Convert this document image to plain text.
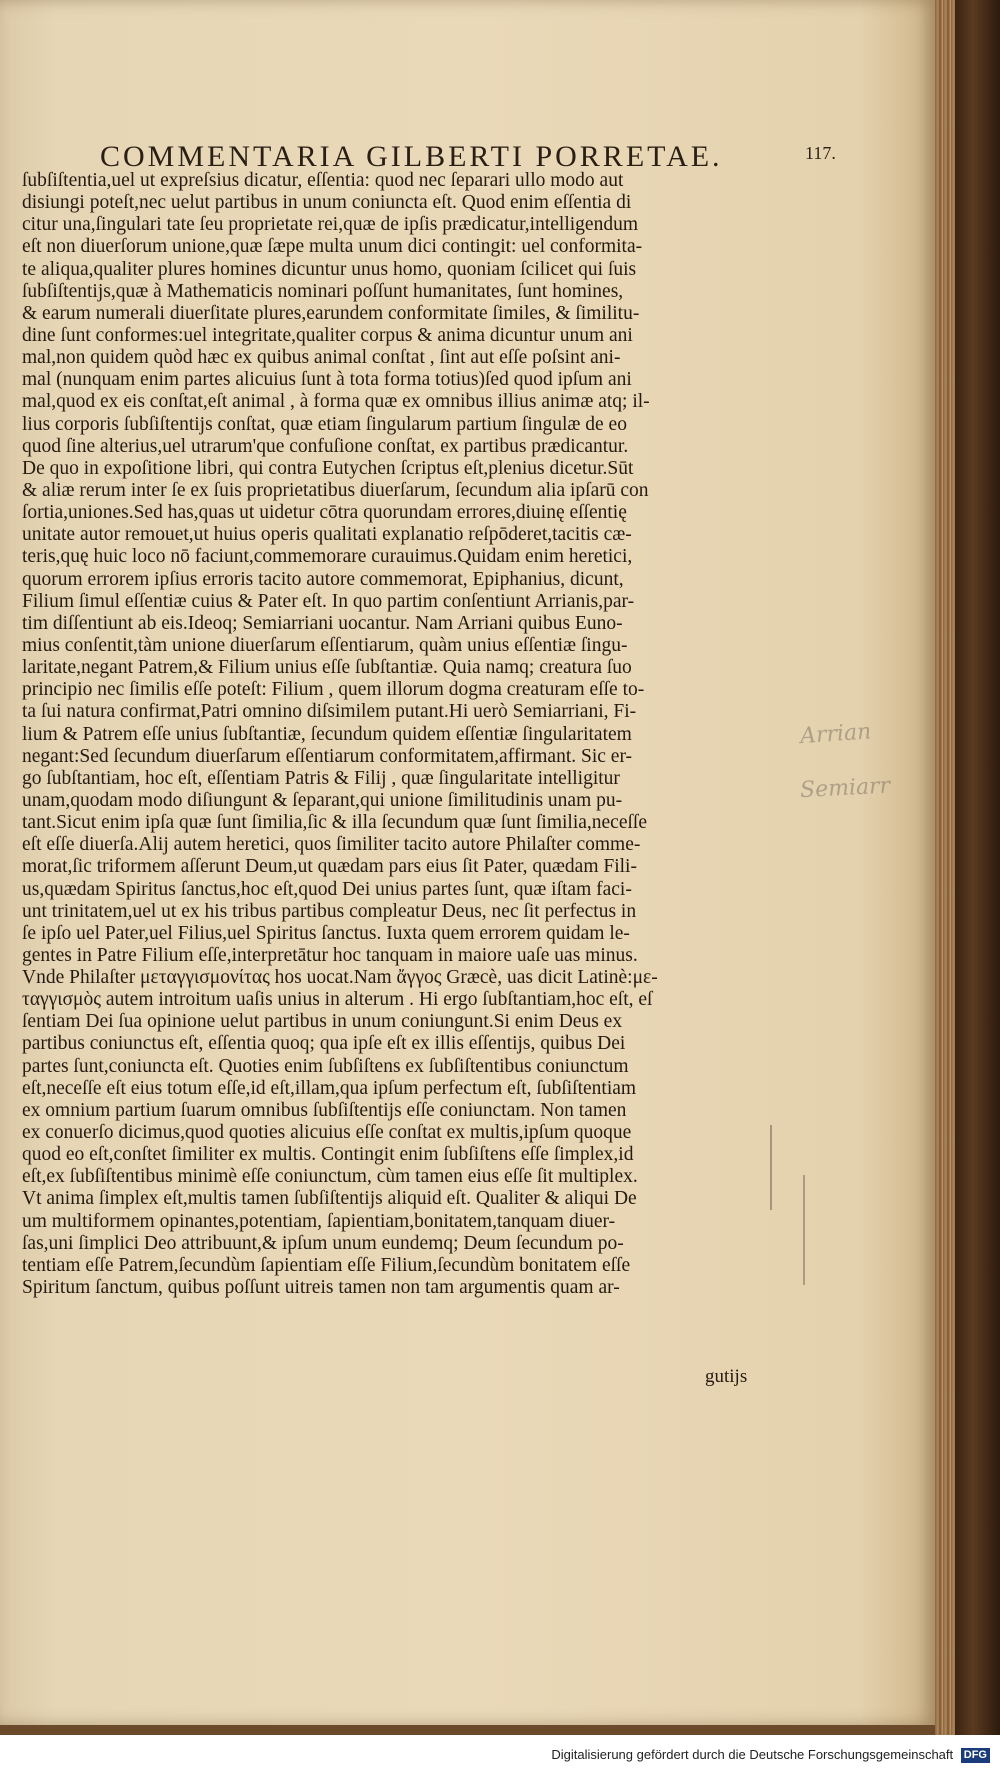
COMMENTARIA GILBERTI PORRETAE.	117.
ſubſiſtentia,uel ut expreſsius dicatur, eſſentia: quod nec ſeparari ullo modo aut
disiungi poteſt,nec uelut partibus in unum coniuncta eſt. Quod enim eſſentia di
citur una,ſingulari tate ſeu proprietate rei,quæ de ipſis prædicatur,intelligendum
eſt non diuerſorum unione,quæ ſæpe multa unum dici contingit: uel conformita-
te aliqua,qualiter plures homines dicuntur unus homo, quoniam ſcilicet qui ſuis
ſubſiſtentijs,quæ à Mathematicis nominari poſſunt humanitates, ſunt homines,
& earum numerali diuerſitate plures,earundem conformitate ſimiles, & ſimilitu-
dine ſunt conformes:uel integritate,qualiter corpus & anima dicuntur unum ani
mal,non quidem quòd hæc ex quibus animal conſtat , ſint aut eſſe poſsint ani-
mal (nunquam enim partes alicuius ſunt à tota forma totius)ſed quod ipſum ani
mal,quod ex eis conſtat,eſt animal , à forma quæ ex omnibus illius animæ atq; il-
lius corporis ſubſiſtentijs conſtat, quæ etiam ſingularum partium ſingulæ de eo
quod ſine alterius,uel utrarum'que confuſione conſtat, ex partibus prædicantur.
De quo in expoſitione libri, qui contra Eutychen ſcriptus eſt,plenius dicetur.Sūt
& aliæ rerum inter ſe ex ſuis proprietatibus diuerſarum, ſecundum alia ipſarū con
ſortia,uniones.Sed has,quas ut uidetur cōtra quorundam errores,diuinę eſſentię
unitate autor remouet,ut huius operis qualitati explanatio reſpōderet,tacitis cæ-
teris,quę huic loco nō faciunt,commemorare curauimus.Quidam enim heretici,
quorum errorem ipſius erroris tacito autore commemorat, Epiphanius, dicunt,
Filium ſimul eſſentiæ cuius & Pater eſt. In quo partim conſentiunt Arrianis,par-
tim diſſentiunt ab eis.Ideoq; Semiarriani uocantur. Nam Arriani quibus Euno-
mius conſentit,tàm unione diuerſarum eſſentiarum, quàm unius eſſentiæ ſingu-
laritate,negant Patrem,& Filium unius eſſe ſubſtantiæ. Quia namq; creatura ſuo
principio nec ſimilis eſſe poteſt: Filium , quem illorum dogma creaturam eſſe to-
ta ſui natura confirmat,Patri omnino diſsimilem putant.Hi uerò Semiarriani, Fi-
lium & Patrem eſſe unius ſubſtantiæ, ſecundum quidem eſſentiæ ſingularitatem
negant:Sed ſecundum diuerſarum eſſentiarum conformitatem,affirmant. Sic er-
go ſubſtantiam, hoc eſt, eſſentiam Patris & Filij , quæ ſingularitate intelligitur
unam,quodam modo diſiungunt & ſeparant,qui unione ſimilitudinis unam pu-
tant.Sicut enim ipſa quæ ſunt ſimilia,ſic & illa ſecundum quæ ſunt ſimilia,neceſſe
eſt eſſe diuerſa.Alij autem heretici, quos ſimiliter tacito autore Philaſter comme-
morat,ſic triformem aſſerunt Deum,ut quædam pars eius ſit Pater, quædam Fili-
us,quædam Spiritus ſanctus,hoc eſt,quod Dei unius partes ſunt, quæ iſtam faci-
unt trinitatem,uel ut ex his tribus partibus compleatur Deus, nec ſit perfectus in
ſe ipſo uel Pater,uel Filius,uel Spiritus ſanctus. Iuxta quem errorem quidam le-
gentes in Patre Filium eſſe,interpretātur hoc tanquam in maiore uaſe uas minus.
Vnde Philaſter μεταγγισμονίτας hos uocat.Nam ἄγγος Græcè, uas dicit Latinè:με-
ταγγισμὸς autem introitum uaſis unius in alterum . Hi ergo ſubſtantiam,hoc eſt, eſ
ſentiam Dei ſua opinione uelut partibus in unum coniungunt.Si enim Deus ex
partibus coniunctus eſt, eſſentia quoq; qua ipſe eſt ex illis eſſentijs, quibus Dei
partes ſunt,coniuncta eſt. Quoties enim ſubſiſtens ex ſubſiſtentibus coniunctum
eſt,neceſſe eſt eius totum eſſe,id eſt,illam,qua ipſum perfectum eſt, ſubſiſtentiam
ex omnium partium ſuarum omnibus ſubſiſtentijs eſſe coniunctam. Non tamen
ex conuerſo dicimus,quod quoties alicuius eſſe conſtat ex multis,ipſum quoque
quod eo eſt,conſtet ſimiliter ex multis. Contingit enim ſubſiſtens eſſe ſimplex,id
eſt,ex ſubſiſtentibus minimè eſſe coniunctum, cùm tamen eius eſſe ſit multiplex.
Vt anima ſimplex eſt,multis tamen ſubſiſtentijs aliquid eſt. Qualiter & aliqui De
um multiformem opinantes,potentiam, ſapientiam,bonitatem,tanquam diuer-
ſas,uni ſimplici Deo attribuunt,& ipſum unum eundemq; Deum ſecundum po-
tentiam eſſe Patrem,ſecundùm ſapientiam eſſe Filium,ſecundùm bonitatem eſſe
Spiritum ſanctum, quibus poſſunt uitreis tamen non tam argumentis quam ar-
gutijs
Arrian
Semiarr
Digitalisierung gefördert durch die Deutsche Forschungsgemeinschaft DFG
